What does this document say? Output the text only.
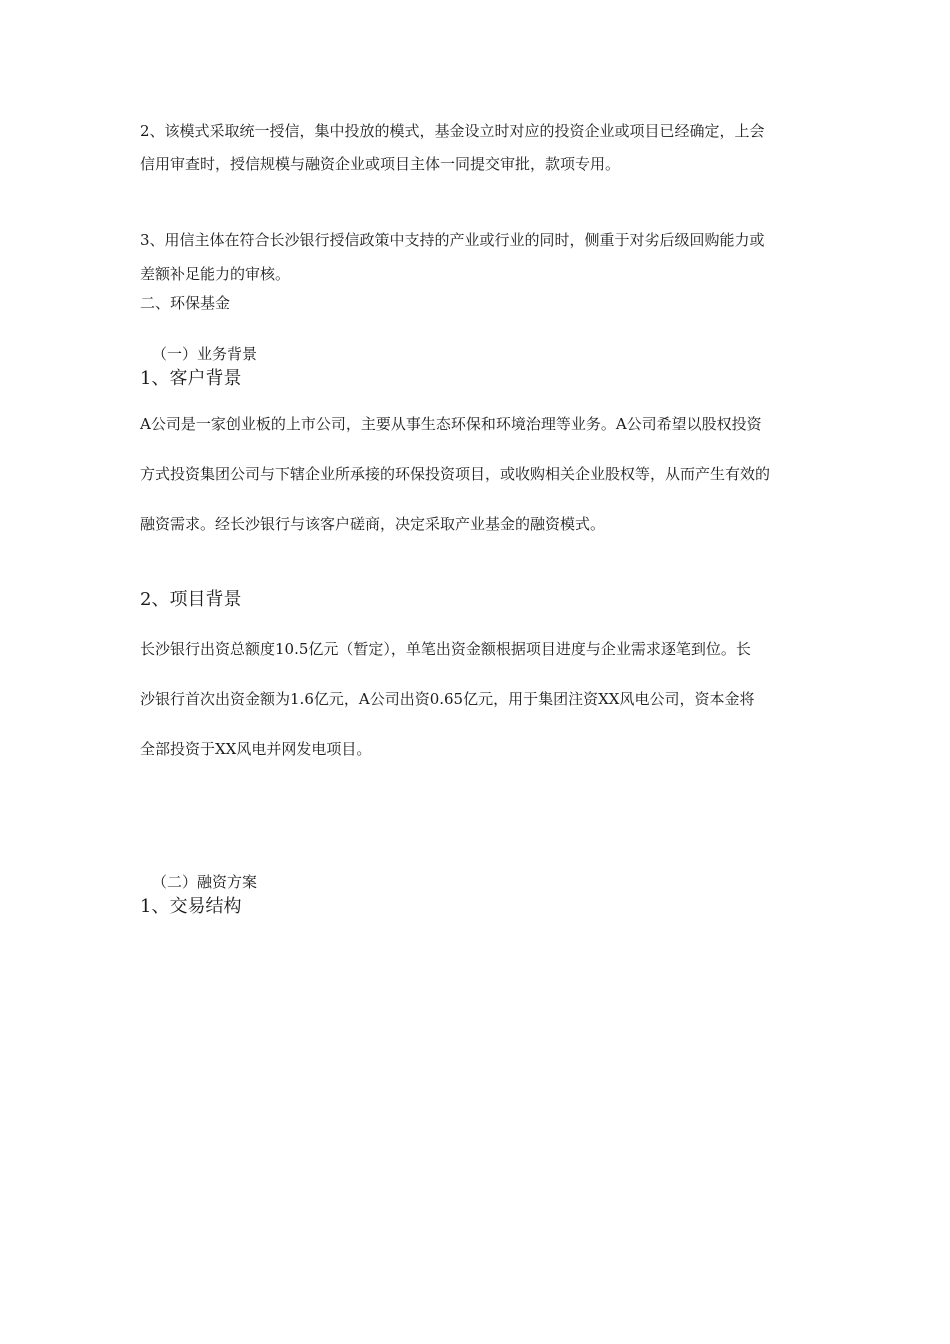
2、该模式采取统一授信，集中投放的模式，基金设立时对应的投资企业或项目已经确定，上会
信用审查时，授信规模与融资企业或项目主体一同提交审批，款项专用。
3、用信主体在符合长沙银行授信政策中支持的产业或行业的同时，侧重于对劣后级回购能力或
差额补足能力的审核。
二、环保基金
（一）业务背景
1、客户背景
A公司是一家创业板的上市公司，主要从事生态环保和环境治理等业务。A公司希望以股权投资
方式投资集团公司与下辖企业所承接的环保投资项目，或收购相关企业股权等，从而产生有效的
融资需求。经长沙银行与该客户磋商，决定采取产业基金的融资模式。
2、项目背景
长沙银行出资总额度10.5亿元（暂定），单笔出资金额根据项目进度与企业需求逐笔到位。长
沙银行首次出资金额为1.6亿元，A公司出资0.65亿元，用于集团注资XX风电公司，资本金将
全部投资于XX风电并网发电项目。
（二）融资方案
1、交易结构
